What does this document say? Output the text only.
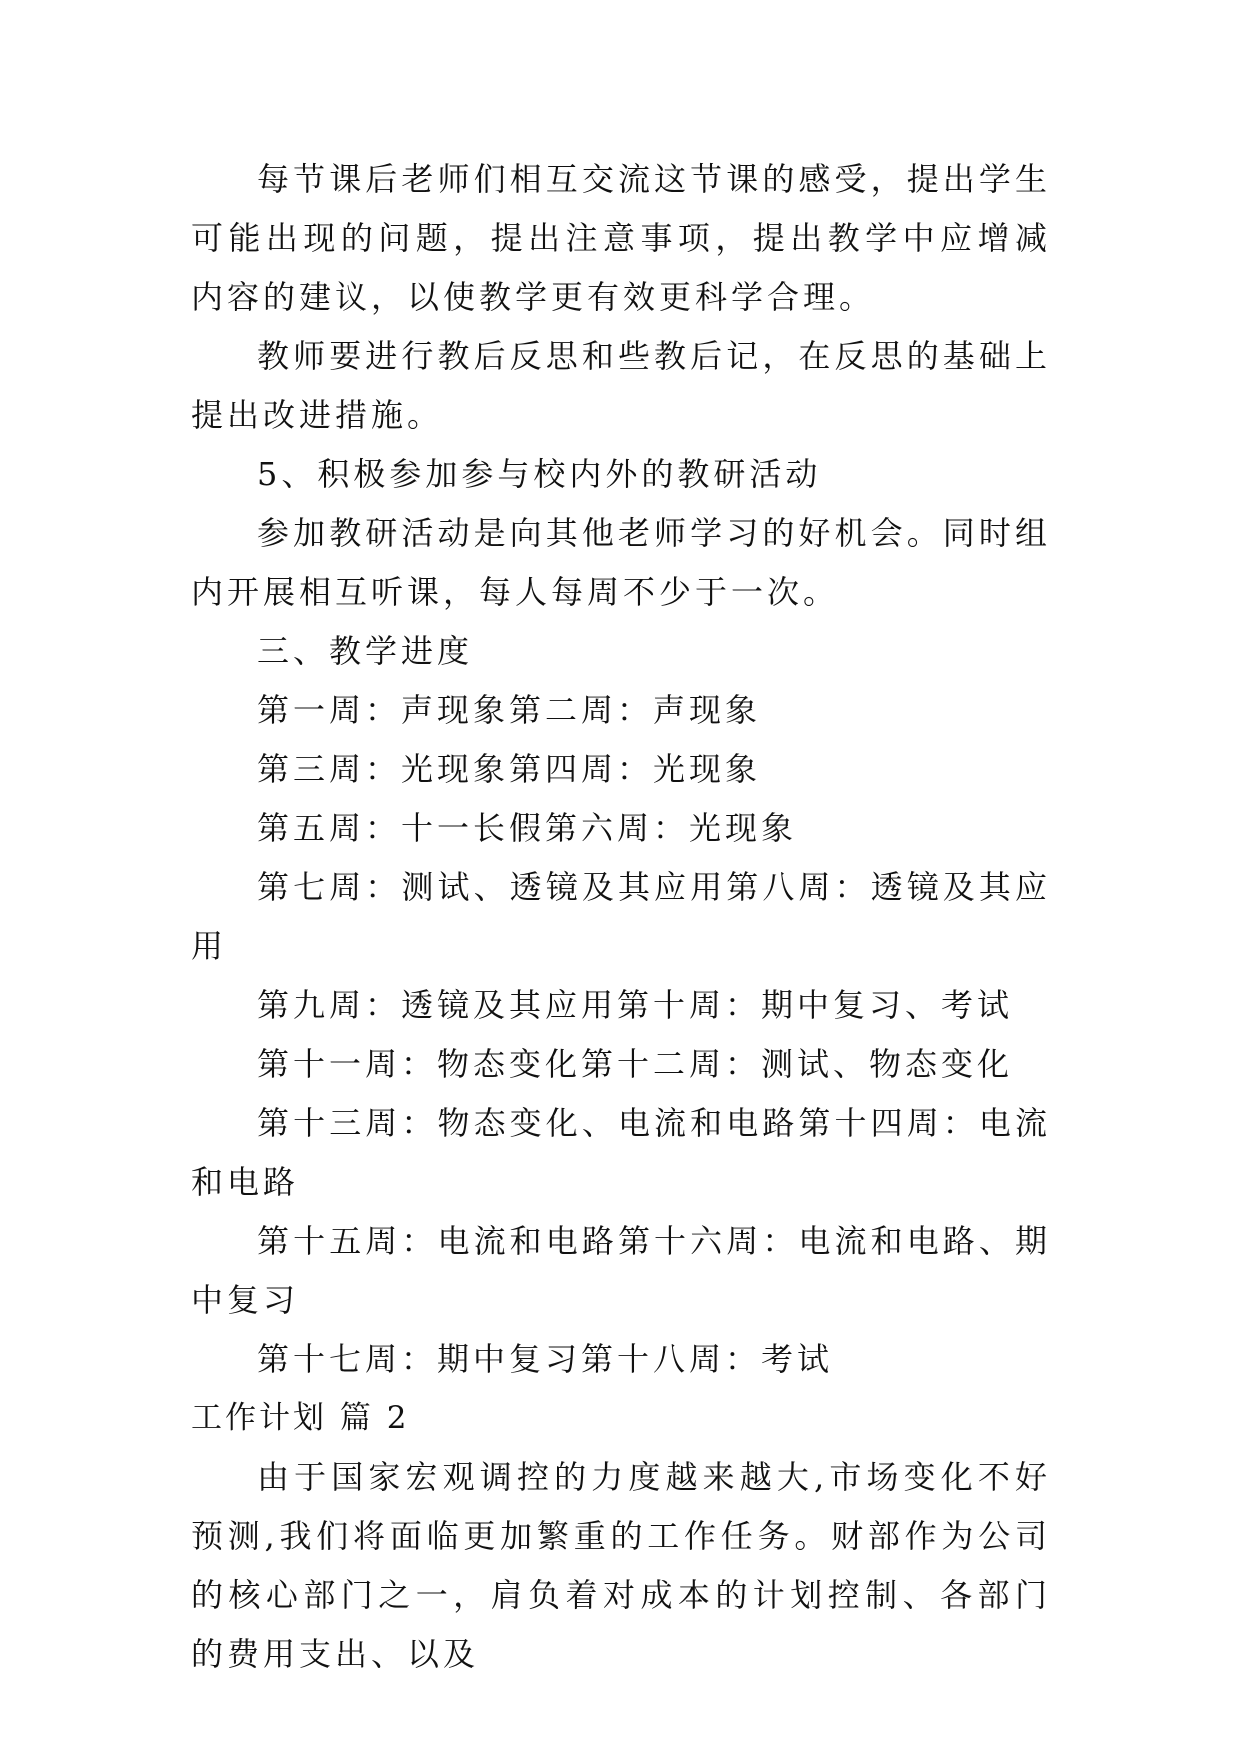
每节课后老师们相互交流这节课的感受，提出学生可能出现的问题，提出注意事项，提出教学中应增减内容的建议，以使教学更有效更科学合理。

教师要进行教后反思和些教后记，在反思的基础上提出改进措施。

5、积极参加参与校内外的教研活动

参加教研活动是向其他老师学习的好机会。同时组内开展相互听课，每人每周不少于一次。

三、教学进度

第一周：声现象第二周：声现象

第三周：光现象第四周：光现象

第五周：十一长假第六周：光现象

第七周：测试、透镜及其应用第八周：透镜及其应用

第九周：透镜及其应用第十周：期中复习、考试

第十一周：物态变化第十二周：测试、物态变化

第十三周：物态变化、电流和电路第十四周：电流和电路

第十五周：电流和电路第十六周：电流和电路、期中复习

第十七周：期中复习第十八周：考试

工作计划 篇 2

由于国家宏观调控的力度越来越大,市场变化不好预测,我们将面临更加繁重的工作任务。财部作为公司的核心部门之一，肩负着对成本的计划控制、各部门的费用支出、以及
